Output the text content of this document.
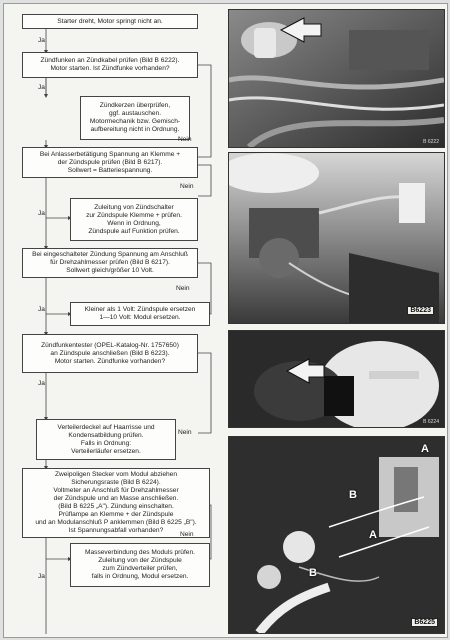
Starter dreht, Motor springt nicht an.
Zündfunken an Zündkabel prüfen (Bild B 6222).
Motor starten. Ist Zündfunke vorhanden?
Zündkerzen überprüfen,
ggf. austauschen.
Motormechanik bzw. Gemisch-
aufbereitung nicht in Ordnung.
Bei Anlasserbetätigung Spannung an Klemme +
der Zündspule prüfen (Bild B 6217).
Sollwert = Batteriespannung.
Zuleitung von Zündschalter
zur Zündspule Klemme + prüfen.
Wenn in Ordnung,
Zündspule auf Funktion prüfen.
Bei eingeschalteter Zündung Spannung am Anschluß
für Drehzahlmesser prüfen (Bild B 6217).
Sollwert gleich/größer 10 Volt.
Kleiner als 1 Volt: Zündspule ersetzen
1—10 Volt: Modul ersetzen.
Zündfunkentester (OPEL-Katalog-Nr. 1757650)
an Zündspule anschließen (Bild B 6223).
Motor starten. Zündfunke vorhanden?
Verteilerdeckel auf Haarrisse und
Kondensatbildung prüfen.
Falls in Ordnung:
Verteilerläufer ersetzen.
Zweipoligen Stecker vom Modul abziehen
Sicherungsraste (Bild B 6224).
Voltmeter an Anschluß für Drehzahlmesser
der Zündspule und an Masse anschließen.
(Bild B 6225 „A"). Zündung einschalten.
Prüflampe an Klemme + der Zündspule
und an Modulanschluß P anklemmen (Bild B 6225 „B").
Ist Spannungsabfall vorhanden?
Masseverbindung des Moduls prüfen.
Zuleitung von der Zündspule
zum Zündverteiler prüfen,
falls in Ordnung, Modul ersetzen.
Ja
Ja
Nein
Nein
Ja
Nein
Ja
Ja
Nein
Nein
Ja
B 6222
B6223
B 6224
A
B
A
B
B6225
